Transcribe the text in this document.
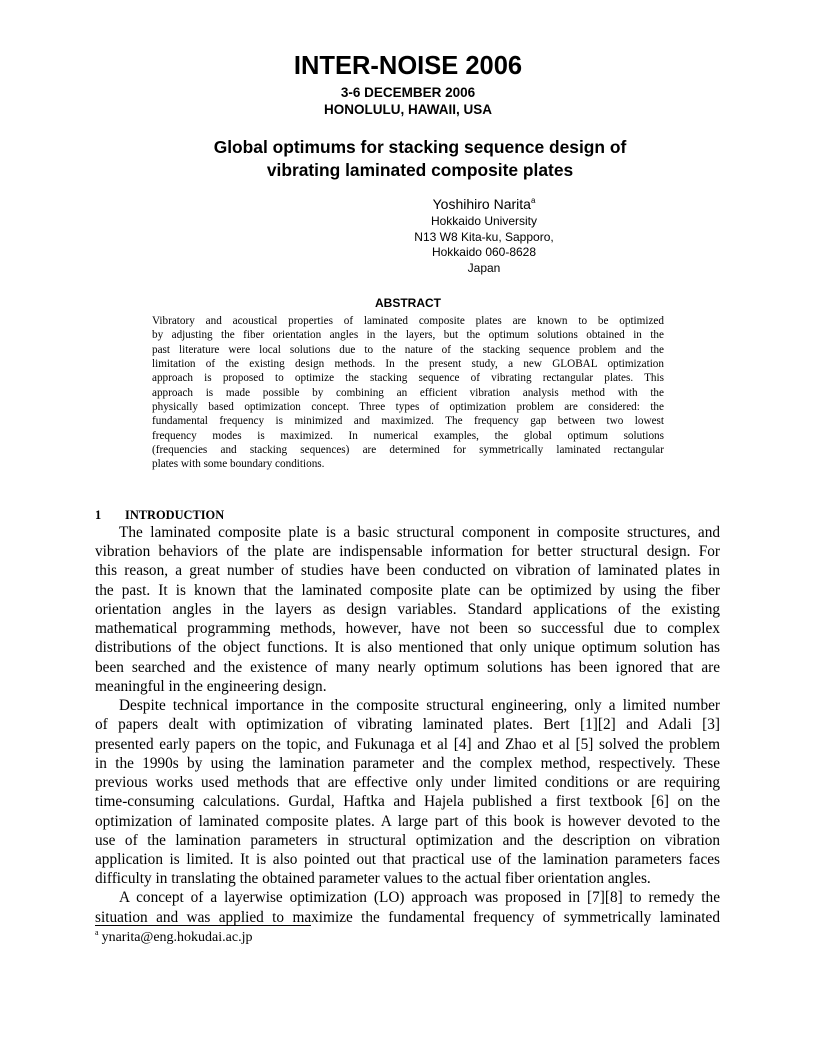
INTER-NOISE 2006
3-6 DECEMBER 2006
HONOLULU, HAWAII, USA
Global optimums for stacking sequence design of
vibrating laminated composite plates
Yoshihiro Narita$^a$
Hokkaido University
N13 W8 Kita-ku, Sapporo,
Hokkaido 060-8628
Japan
ABSTRACT
Vibratory and acoustical properties of laminated composite plates are known to be optimized
by adjusting the fiber orientation angles in the layers, but the optimum solutions obtained in the
past literature were local solutions due to the nature of the stacking sequence problem and the
limitation of the existing design methods. In the present study, a new GLOBAL optimization
approach is proposed to optimize the stacking sequence of vibrating rectangular plates. This
approach is made possible by combining an efficient vibration analysis method with the
physically based optimization concept. Three types of optimization problem are considered: the
fundamental frequency is minimized and maximized. The frequency gap between two lowest
frequency modes is maximized. In numerical examples, the global optimum solutions
(frequencies and stacking sequences) are determined for symmetrically laminated rectangular
plates with some boundary conditions.
1 INTRODUCTION
The laminated composite plate is a basic structural component in composite structures, and
vibration behaviors of the plate are indispensable information for better structural design. For
this reason, a great number of studies have been conducted on vibration of laminated plates in
the past. It is known that the laminated composite plate can be optimized by using the fiber
orientation angles in the layers as design variables. Standard applications of the existing
mathematical programming methods, however, have not been so successful due to complex
distributions of the object functions. It is also mentioned that only unique optimum solution has
been searched and the existence of many nearly optimum solutions has been ignored that are
meaningful in the engineering design.
Despite technical importance in the composite structural engineering, only a limited number
of papers dealt with optimization of vibrating laminated plates. Bert [1][2] and Adali [3]
presented early papers on the topic, and Fukunaga et al [4] and Zhao et al [5] solved the problem
in the 1990s by using the lamination parameter and the complex method, respectively. These
previous works used methods that are effective only under limited conditions or are requiring
time-consuming calculations. Gurdal, Haftka and Hajela published a first textbook [6] on the
optimization of laminated composite plates. A large part of this book is however devoted to the
use of the lamination parameters in structural optimization and the description on vibration
application is limited. It is also pointed out that practical use of the lamination parameters faces
difficulty in translating the obtained parameter values to the actual fiber orientation angles.
A concept of a layerwise optimization (LO) approach was proposed in [7][8] to remedy the
situation and was applied to maximize the fundamental frequency of symmetrically laminated
$^a$ ynarita@eng.hokudai.ac.jp
